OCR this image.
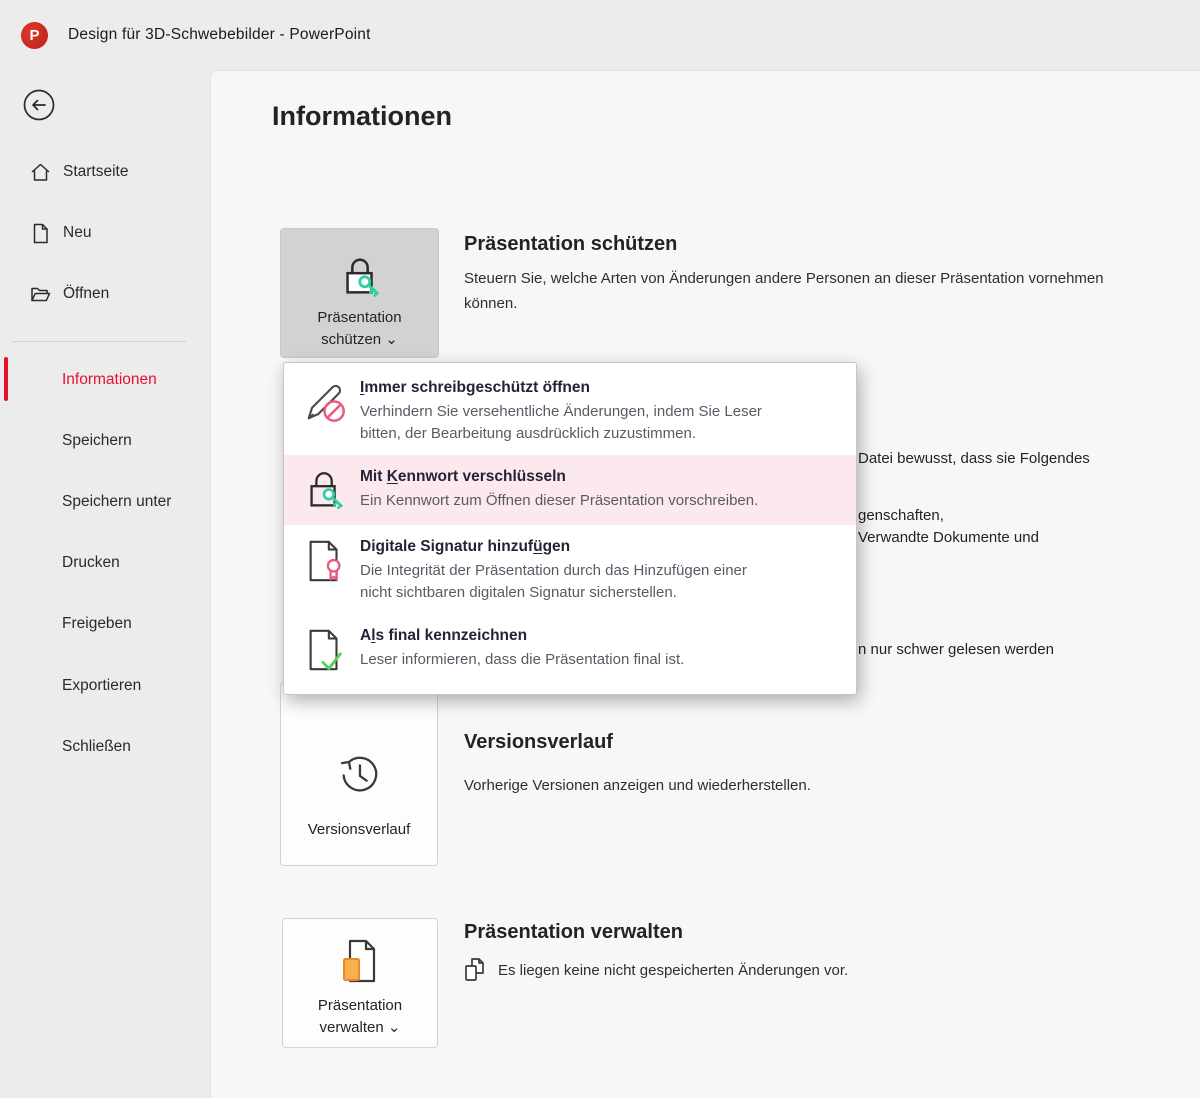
P Design für 3D-Schwebebilder - PowerPoint
Startseite
Neu
Öffnen
Informationen
Speichern
Speichern unter
Drucken
Freigeben
Exportieren
Schließen
Informationen
Präsentation
schützen ⌄
Präsentation schützen
Steuern Sie, welche Arten von Änderungen andere Personen an dieser Präsentation vornehmen können.
Datei bewusst, dass sie Folgendes
genschaften,
Verwandte Dokumente und
n nur schwer gelesen werden
Versionsverlauf
Versionsverlauf
Vorherige Versionen anzeigen und wiederherstellen.
Präsentation
verwalten ⌄
Präsentation verwalten
Es liegen keine nicht gespeicherten Änderungen vor.
Immer schreibgeschützt öffnen
Verhindern Sie versehentliche Änderungen, indem Sie Leser bitten, der Bearbeitung ausdrücklich zuzustimmen.
Mit Kennwort verschlüsseln
Ein Kennwort zum Öffnen dieser Präsentation vorschreiben.
Digitale Signatur hinzufügen
Die Integrität der Präsentation durch das Hinzufügen einer nicht sichtbaren digitalen Signatur sicherstellen.
Als final kennzeichnen
Leser informieren, dass die Präsentation final ist.
